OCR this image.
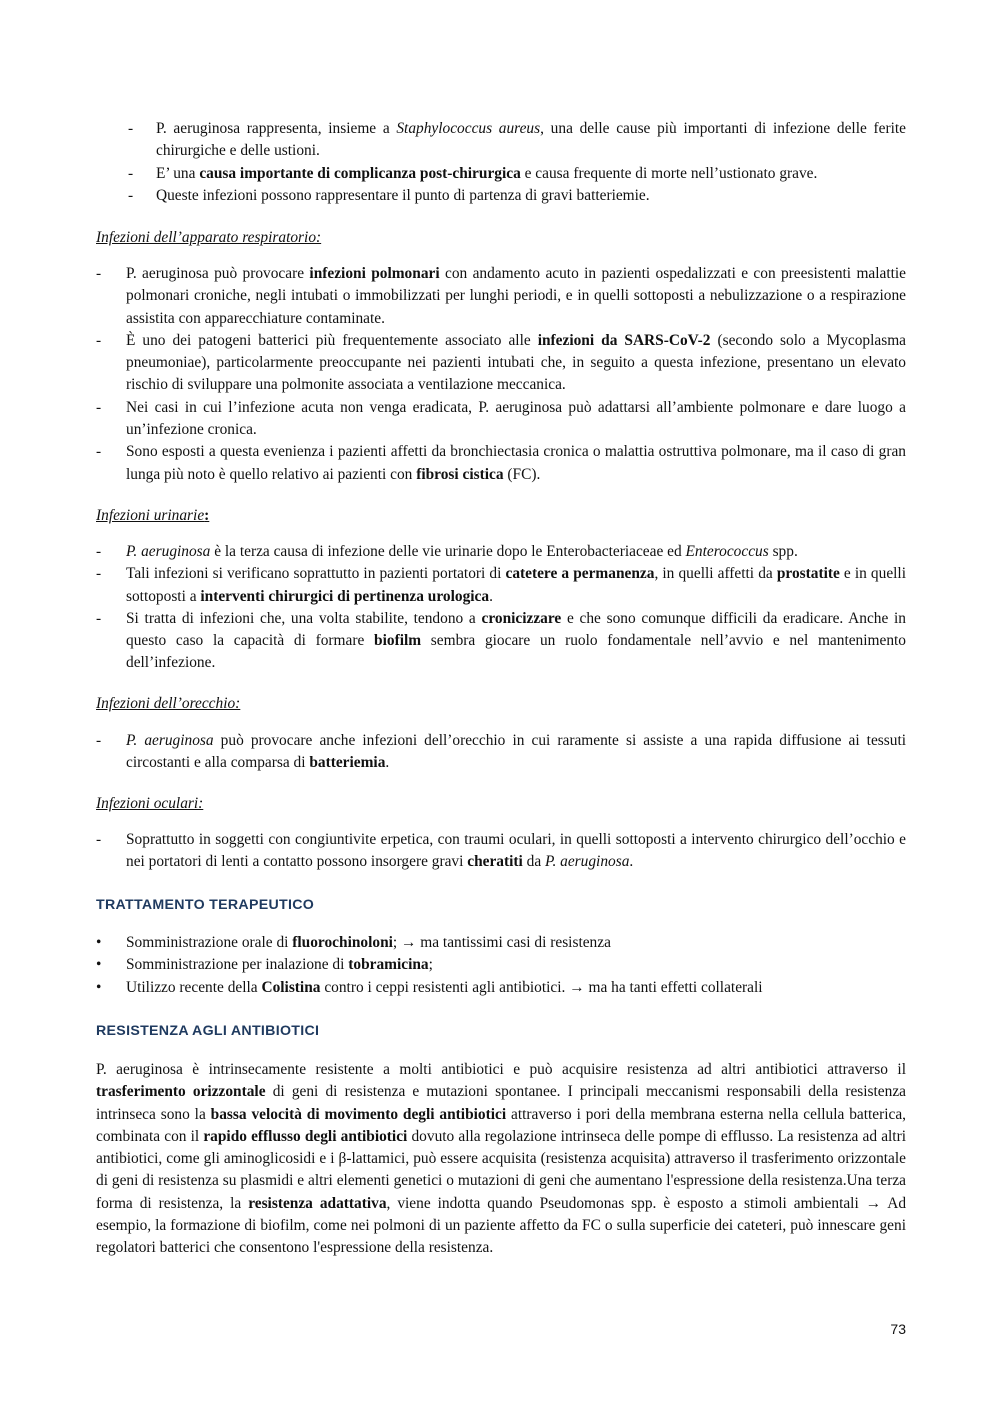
- P. aeruginosa rappresenta, insieme a Staphylococcus aureus, una delle cause più importanti di infezione delle ferite chirurgiche e delle ustioni.
- E’ una causa importante di complicanza post-chirurgica e causa frequente di morte nell’ustionato grave.
- Queste infezioni possono rappresentare il punto di partenza di gravi batteriemie.
Infezioni dell’apparato respiratorio:
- P. aeruginosa può provocare infezioni polmonari con andamento acuto in pazienti ospedalizzati e con preesistenti malattie polmonari croniche, negli intubati o immobilizzati per lunghi periodi, e in quelli sottoposti a nebulizzazione o a respirazione assistita con apparecchiature contaminate.
- È uno dei patogeni batterici più frequentemente associato alle infezioni da SARS-CoV-2 (secondo solo a Mycoplasma pneumoniae), particolarmente preoccupante nei pazienti intubati che, in seguito a questa infezione, presentano un elevato rischio di sviluppare una polmonite associata a ventilazione meccanica.
- Nei casi in cui l’infezione acuta non venga eradicata, P. aeruginosa può adattarsi all’ambiente polmonare e dare luogo a un’infezione cronica.
- Sono esposti a questa evenienza i pazienti affetti da bronchiectasia cronica o malattia ostruttiva polmonare, ma il caso di gran lunga più noto è quello relativo ai pazienti con fibrosi cistica (FC).
Infezioni urinarie:
- P. aeruginosa è la terza causa di infezione delle vie urinarie dopo le Enterobacteriaceae ed Enterococcus spp.
- Tali infezioni si verificano soprattutto in pazienti portatori di catetere a permanenza, in quelli affetti da prostatite e in quelli sottoposti a interventi chirurgici di pertinenza urologica.
- Si tratta di infezioni che, una volta stabilite, tendono a cronicizzare e che sono comunque difficili da eradicare. Anche in questo caso la capacità di formare biofilm sembra giocare un ruolo fondamentale nell’avvio e nel mantenimento dell’infezione.
Infezioni dell’orecchio:
- P. aeruginosa può provocare anche infezioni dell’orecchio in cui raramente si assiste a una rapida diffusione ai tessuti circostanti e alla comparsa di batteriemia.
Infezioni oculari:
- Soprattutto in soggetti con congiuntivite erpetica, con traumi oculari, in quelli sottoposti a intervento chirurgico dell’occhio e nei portatori di lenti a contatto possono insorgere gravi cheratiti da P. aeruginosa.
TRATTAMENTO TERAPEUTICO
• Somministrazione orale di fluorochinoloni; → ma tantissimi casi di resistenza
• Somministrazione per inalazione di tobramicina;
• Utilizzo recente della Colistina contro i ceppi resistenti agli antibiotici. → ma ha tanti effetti collaterali
RESISTENZA AGLI ANTIBIOTICI

P. aeruginosa è intrinsecamente resistente a molti antibiotici e può acquisire resistenza ad altri antibiotici attraverso il trasferimento orizzontale di geni di resistenza e mutazioni spontanee. I principali meccanismi responsabili della resistenza intrinseca sono la bassa velocità di movimento degli antibiotici attraverso i pori della membrana esterna nella cellula batterica, combinata con il rapido efflusso degli antibiotici dovuto alla regolazione intrinseca delle pompe di efflusso. La resistenza ad altri antibiotici, come gli aminoglicosidi e i β-lattamici, può essere acquisita (resistenza acquisita) attraverso il trasferimento orizzontale di geni di resistenza su plasmidi e altri elementi genetici o mutazioni di geni che aumentano l'espressione della resistenza.Una terza forma di resistenza, la resistenza adattativa, viene indotta quando Pseudomonas spp. è esposto a stimoli ambientali → Ad esempio, la formazione di biofilm, come nei polmoni di un paziente affetto da FC o sulla superficie dei cateteri, può innescare geni regolatori batterici che consentono l'espressione della resistenza.

73
